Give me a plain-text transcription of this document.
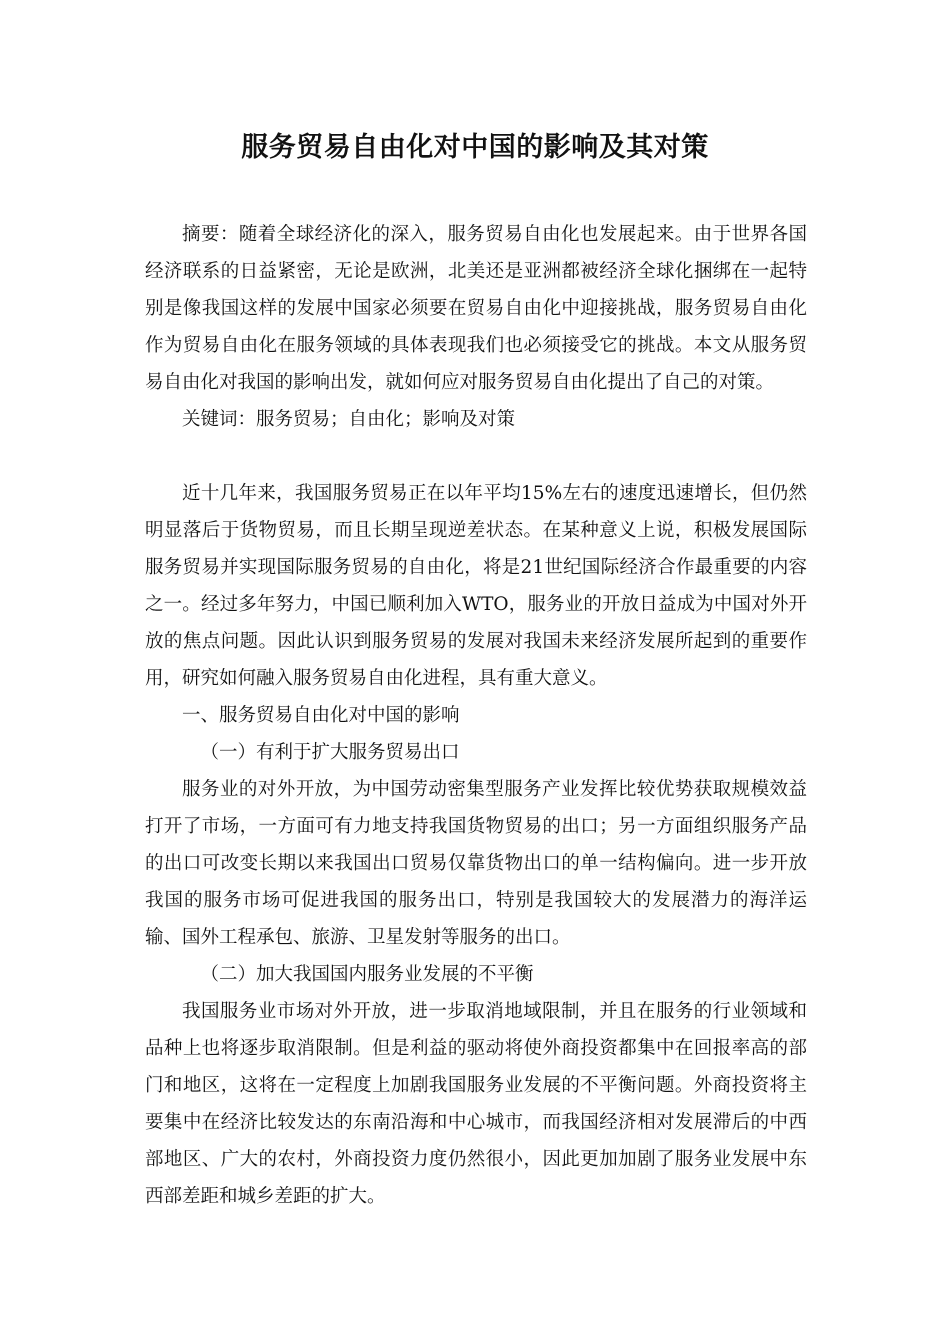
服务贸易自由化对中国的影响及其对策

摘要：随着全球经济化的深入，服务贸易自由化也发展起来。由于世界各国经济联系的日益紧密，无论是欧洲，北美还是亚洲都被经济全球化捆绑在一起特别是像我国这样的发展中国家必须要在贸易自由化中迎接挑战，服务贸易自由化作为贸易自由化在服务领域的具体表现我们也必须接受它的挑战。本文从服务贸易自由化对我国的影响出发，就如何应对服务贸易自由化提出了自己的对策。

关键词：服务贸易；自由化；影响及对策

近十几年来，我国服务贸易正在以年平均15%左右的速度迅速增长，但仍然明显落后于货物贸易，而且长期呈现逆差状态。在某种意义上说，积极发展国际服务贸易并实现国际服务贸易的自由化，将是21世纪国际经济合作最重要的内容之一。经过多年努力，中国已顺利加入WTO，服务业的开放日益成为中国对外开放的焦点问题。因此认识到服务贸易的发展对我国未来经济发展所起到的重要作用，研究如何融入服务贸易自由化进程，具有重大意义。

一、服务贸易自由化对中国的影响

（一）有利于扩大服务贸易出口

服务业的对外开放，为中国劳动密集型服务产业发挥比较优势获取规模效益打开了市场，一方面可有力地支持我国货物贸易的出口；另一方面组织服务产品的出口可改变长期以来我国出口贸易仅靠货物出口的单一结构偏向。进一步开放我国的服务市场可促进我国的服务出口，特别是我国较大的发展潜力的海洋运输、国外工程承包、旅游、卫星发射等服务的出口。

（二）加大我国国内服务业发展的不平衡

我国服务业市场对外开放，进一步取消地域限制，并且在服务的行业领域和品种上也将逐步取消限制。但是利益的驱动将使外商投资都集中在回报率高的部门和地区，这将在一定程度上加剧我国服务业发展的不平衡问题。外商投资将主要集中在经济比较发达的东南沿海和中心城市，而我国经济相对发展滞后的中西部地区、广大的农村，外商投资力度仍然很小，因此更加加剧了服务业发展中东西部差距和城乡差距的扩大。
